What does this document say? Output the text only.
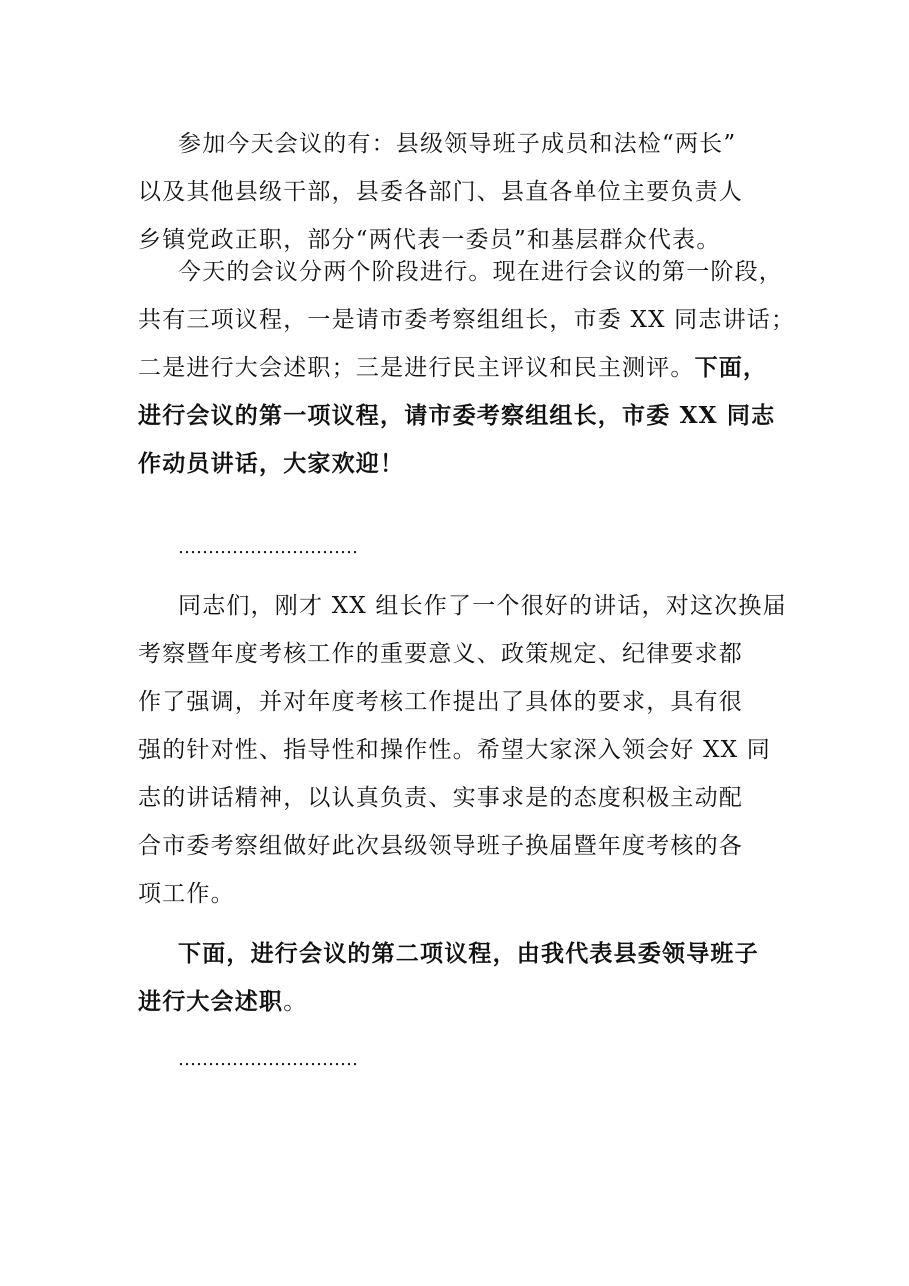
参加今天会议的有：县级领导班子成员和法检“两长”
以及其他县级干部，县委各部门、县直各单位主要负责人
乡镇党政正职，部分“两代表一委员”和基层群众代表。
今天的会议分两个阶段进行。现在进行会议的第一阶段，
共有三项议程，一是请市委考察组组长，市委 XX 同志讲话；
二是进行大会述职；三是进行民主评议和民主测评。下面，
进行会议的第一项议程，请市委考察组组长，市委 XX 同志
作动员讲话，大家欢迎！
…………………………
同志们，刚才 XX 组长作了一个很好的讲话，对这次换届
考察暨年度考核工作的重要意义、政策规定、纪律要求都
作了强调，并对年度考核工作提出了具体的要求，具有很
强的针对性、指导性和操作性。希望大家深入领会好 XX 同
志的讲话精神，以认真负责、实事求是的态度积极主动配
合市委考察组做好此次县级领导班子换届暨年度考核的各
项工作。
下面，进行会议的第二项议程，由我代表县委领导班子
进行大会述职。
…………………………
